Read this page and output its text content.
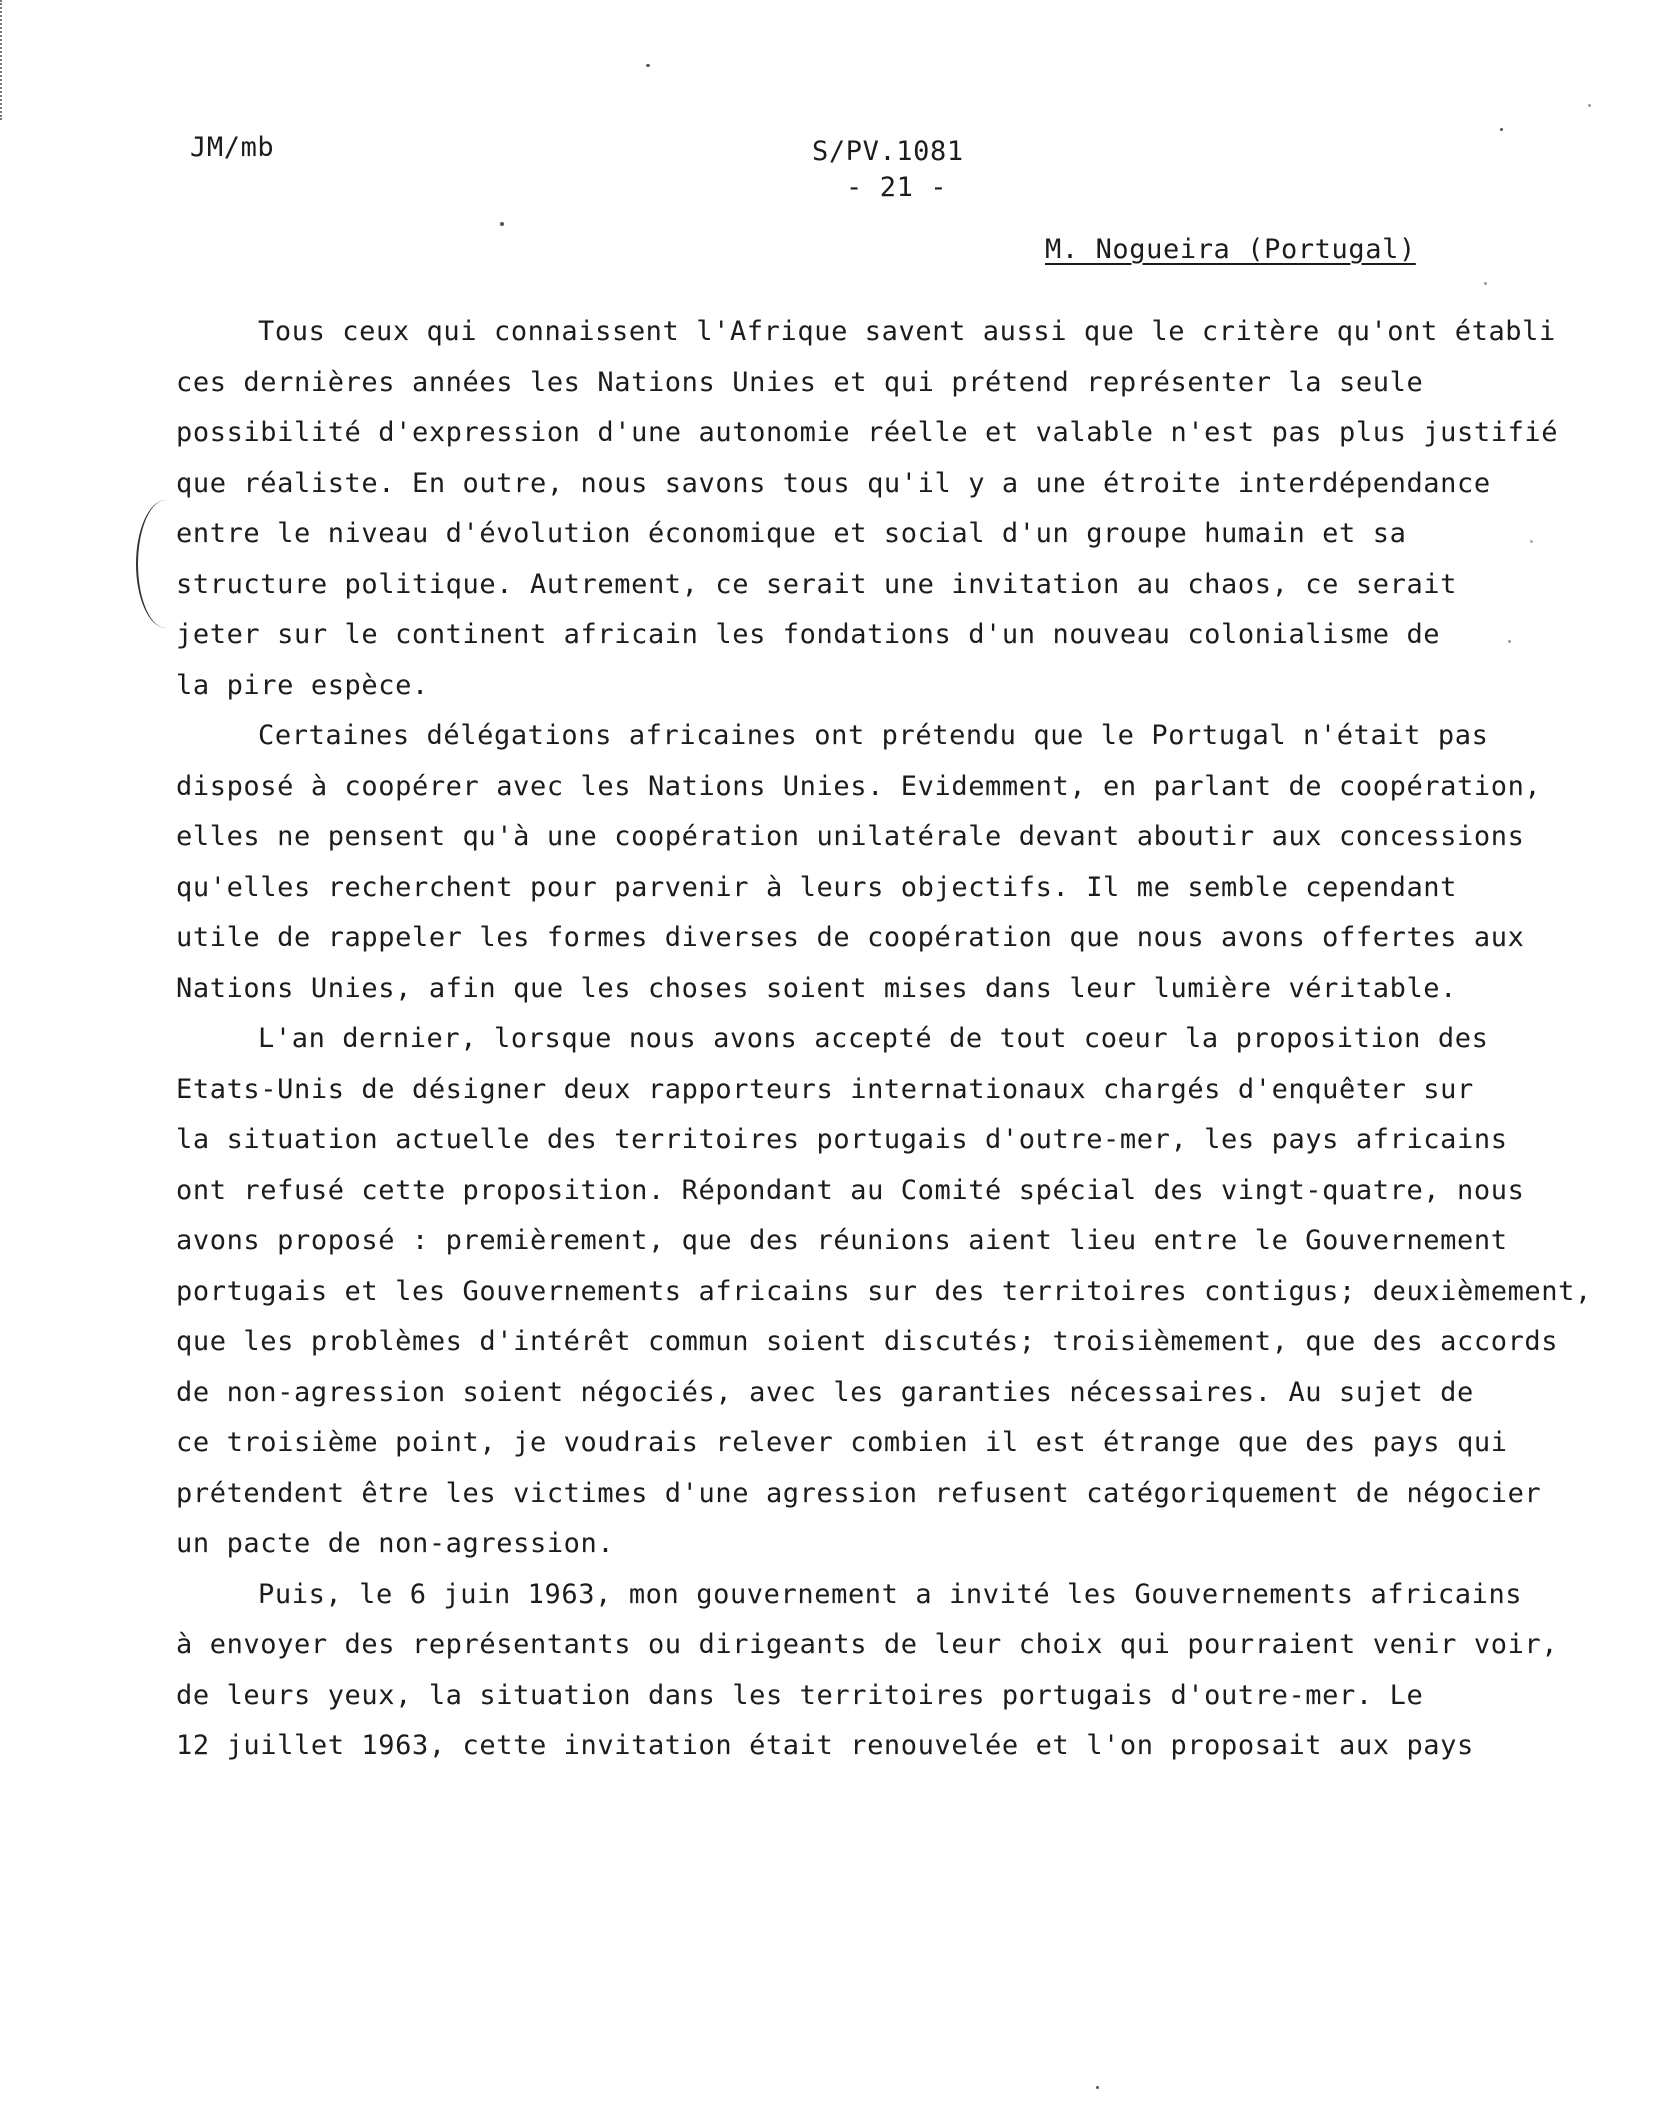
JM/mb	S/PV.1081
- 21 -
M. Nogueira (Portugal)
Tous ceux qui connaissent l'Afrique savent aussi que le critère qu'ont établi
ces dernières années les Nations Unies et qui prétend représenter la seule
possibilité d'expression d'une autonomie réelle et valable n'est pas plus justifié
que réaliste. En outre, nous savons tous qu'il y a une étroite interdépendance
entre le niveau d'évolution économique et social d'un groupe humain et sa
structure politique. Autrement, ce serait une invitation au chaos, ce serait
jeter sur le continent africain les fondations d'un nouveau colonialisme de
la pire espèce.
Certaines délégations africaines ont prétendu que le Portugal n'était pas
disposé à coopérer avec les Nations Unies. Evidemment, en parlant de coopération,
elles ne pensent qu'à une coopération unilatérale devant aboutir aux concessions
qu'elles recherchent pour parvenir à leurs objectifs. Il me semble cependant
utile de rappeler les formes diverses de coopération que nous avons offertes aux
Nations Unies, afin que les choses soient mises dans leur lumière véritable.
L'an dernier, lorsque nous avons accepté de tout coeur la proposition des
Etats-Unis de désigner deux rapporteurs internationaux chargés d'enquêter sur
la situation actuelle des territoires portugais d'outre-mer, les pays africains
ont refusé cette proposition. Répondant au Comité spécial des vingt-quatre, nous
avons proposé : premièrement, que des réunions aient lieu entre le Gouvernement
portugais et les Gouvernements africains sur des territoires contigus; deuxièmement,
que les problèmes d'intérêt commun soient discutés; troisièmement, que des accords
de non-agression soient négociés, avec les garanties nécessaires. Au sujet de
ce troisième point, je voudrais relever combien il est étrange que des pays qui
prétendent être les victimes d'une agression refusent catégoriquement de négocier
un pacte de non-agression.
Puis, le 6 juin 1963, mon gouvernement a invité les Gouvernements africains
à envoyer des représentants ou dirigeants de leur choix qui pourraient venir voir,
de leurs yeux, la situation dans les territoires portugais d'outre-mer. Le
12 juillet 1963, cette invitation était renouvelée et l'on proposait aux pays
